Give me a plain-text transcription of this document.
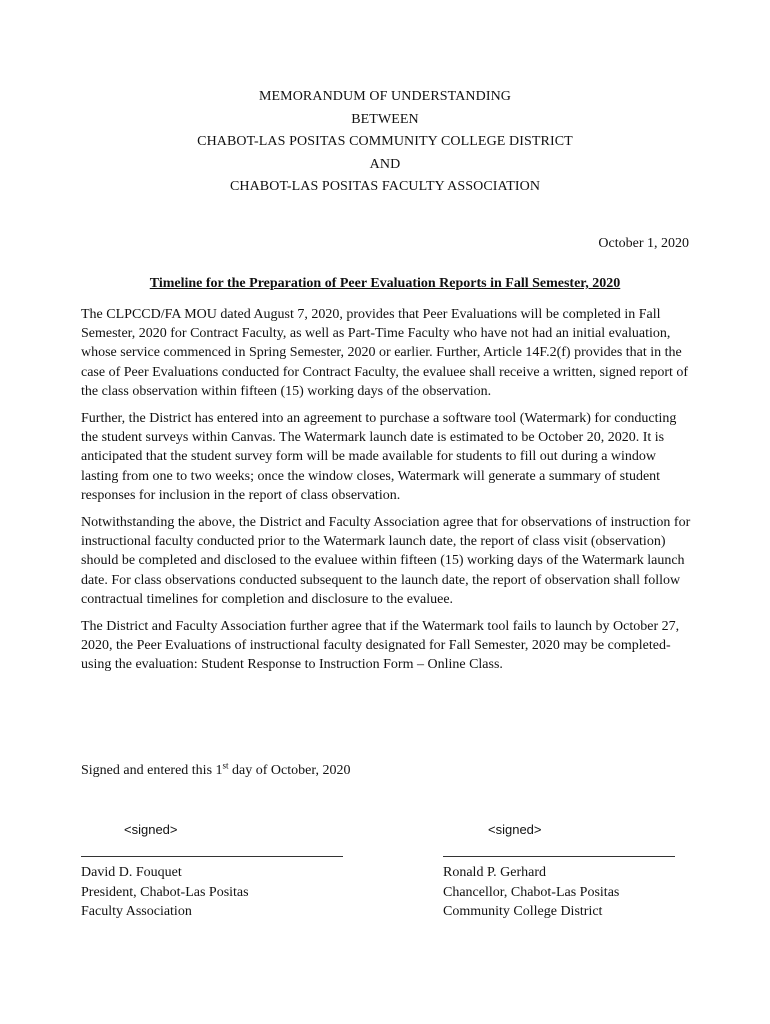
MEMORANDUM OF UNDERSTANDING
BETWEEN
CHABOT-LAS POSITAS COMMUNITY COLLEGE DISTRICT
AND
CHABOT-LAS POSITAS FACULTY ASSOCIATION
October 1, 2020
Timeline for the Preparation of Peer Evaluation Reports in Fall Semester, 2020

The CLPCCD/FA MOU dated August 7, 2020, provides that Peer Evaluations will be completed in Fall Semester, 2020 for Contract Faculty, as well as Part-Time Faculty who have not had an initial evaluation, whose service commenced in Spring Semester, 2020 or earlier. Further, Article 14F.2(f) provides that in the case of Peer Evaluations conducted for Contract Faculty, the evaluee shall receive a written, signed report of the class observation within fifteen (15) working days of the observation.

Further, the District has entered into an agreement to purchase a software tool (Watermark) for conducting the student surveys within Canvas. The Watermark launch date is estimated to be October 20, 2020. It is anticipated that the student survey form will be made available for students to fill out during a window lasting from one to two weeks; once the window closes, Watermark will generate a summary of student responses for inclusion in the report of class observation.

Notwithstanding the above, the District and Faculty Association agree that for observations of instruction for instructional faculty conducted prior to the Watermark launch date, the report of class visit (observation) should be completed and disclosed to the evaluee within fifteen (15) working days of the Watermark launch date. For class observations conducted subsequent to the launch date, the report of observation shall follow contractual timelines for completion and disclosure to the evaluee.

The District and Faculty Association further agree that if the Watermark tool fails to launch by October 27, 2020, the Peer Evaluations of instructional faculty designated for Fall Semester, 2020 may be completed-using the evaluation: Student Response to Instruction Form – Online Class.

Signed and entered this 1st day of October, 2020
<signed>
David D. Fouquet
President, Chabot-Las Positas
Faculty Association
<signed>
Ronald P. Gerhard
Chancellor, Chabot-Las Positas
Community College District
